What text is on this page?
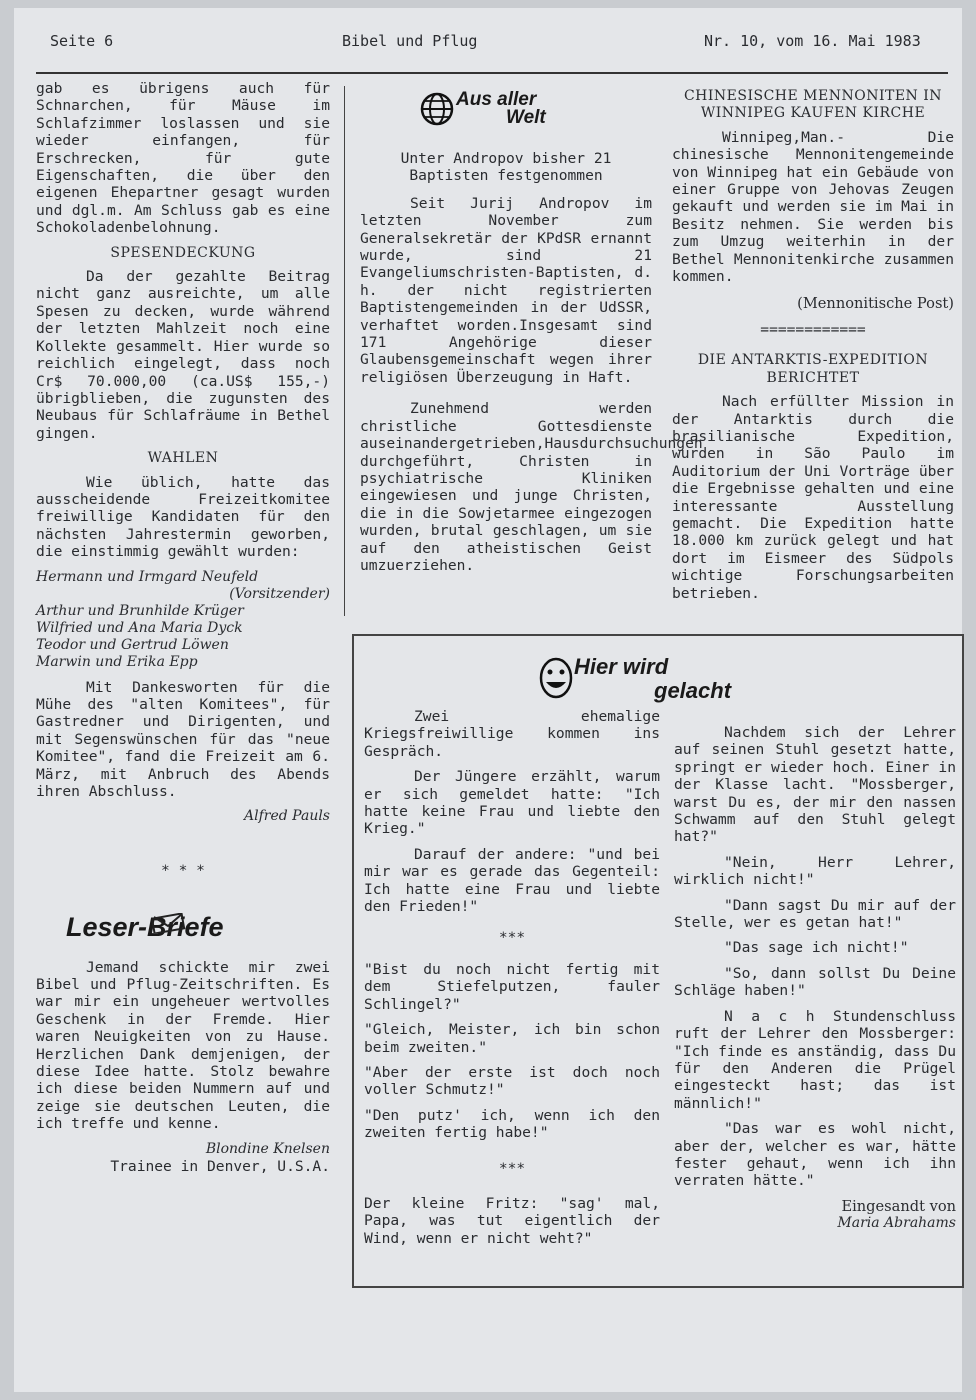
Seite 6	Bibel und Pflug	Nr. 10, vom 16. Mai 1983

gab es übrigens auch für Schnarchen, für Mäuse im Schlafzimmer loslassen und sie wieder einfangen, für Erschrecken, für gute Eigenschaften, die über den eigenen Ehepartner gesagt wurden und dgl.m. Am Schluss gab es eine Schokoladenbelohnung.

SPESENDECKUNG

Da der gezahlte Beitrag nicht ganz ausreichte, um alle Spesen zu decken, wurde während der letzten Mahlzeit noch eine Kollekte gesammelt. Hier wurde so reichlich eingelegt, dass noch Cr$ 70.000,00 (ca.US$ 155,-) übrigblieben, die zugunsten des Neubaus für Schlafräume in Bethel gingen.

WAHLEN

Wie üblich, hatte das ausscheidende Freizeitkomitee freiwillige Kandidaten für den nächsten Jahrestermin geworben, die einstimmig gewählt wurden:

Hermann und Irmgard Neufeld

(Vorsitzender)

Arthur und Brunhilde Krüger

Wilfried und Ana Maria Dyck

Teodor und Gertrud Löwen

Marwin und Erika Epp

Mit Dankesworten für die Mühe des "alten Komitees", für Gastredner und Dirigenten, und mit Segenswünschen für das "neue Komitee", fand die Freizeit am 6. März, mit Anbruch des Abends ihren Abschluss.

Alfred Pauls

* * *

Leser-Briefe

Jemand schickte mir zwei Bibel und Pflug-Zeitschriften. Es war mir ein ungeheuer wertvolles Geschenk in der Fremde. Hier waren Neuigkeiten von zu Hause. Herzlichen Dank demjenigen, der diese Idee hatte. Stolz bewahre ich diese beiden Nummern auf und zeige sie deutschen Leuten, die ich treffe und kenne.

Blondine Knelsen

Trainee in Denver, U.S.A.

Aus aller
Welt

Unter Andropov bisher 21 Baptisten festgenommen

Seit Jurij Andropov im letzten November zum Generalsekretär der KPdSR ernannt wurde, sind 21 Evangeliumschristen-Baptisten, d. h. der nicht registrierten Baptistengemeinden in der UdSSR, verhaftet worden.Insgesamt sind 171 Angehörige dieser Glaubensgemeinschaft wegen ihrer religiösen Überzeugung in Haft.

Zunehmend werden christliche Gottesdienste auseinandergetrieben,Hausdurchsuchungen durchgeführt, Christen in psychiatrische Kliniken eingewiesen und junge Christen, die in die Sowjetarmee eingezogen wurden, brutal geschlagen, um sie auf den atheistischen Geist umzuerziehen.

CHINESISCHE MENNONITEN IN WINNIPEG KAUFEN KIRCHE

Winnipeg,Man.- Die chinesische Mennonitengemeinde von Winnipeg hat ein Gebäude von einer Gruppe von Jehovas Zeugen gekauft und werden sie im Mai in Besitz nehmen. Sie werden bis zum Umzug weiterhin in der Bethel Mennonitenkirche zusammen kommen.

(Mennonitische Post)

============

DIE ANTARKTIS-EXPEDITION BERICHTET

Nach erfüllter Mission in der Antarktis durch die brasilianische Expedition, wurden in São Paulo im Auditorium der Uni Vorträge über die Ergebnisse gehalten und eine interessante Ausstellung gemacht. Die Expedition hatte 18.000 km zurück gelegt und hat dort im Eismeer des Südpols wichtige Forschungsarbeiten betrieben.

Hier wird
gelacht

Zwei ehemalige Kriegsfreiwillige kommen ins Gespräch.

Der Jüngere erzählt, warum er sich gemeldet hatte: "Ich hatte keine Frau und liebte den Krieg."

Darauf der andere: "und bei mir war es gerade das Gegenteil: Ich hatte eine Frau und liebte den Frieden!"

***

"Bist du noch nicht fertig mit dem Stiefelputzen, fauler Schlingel?"

"Gleich, Meister, ich bin schon beim zweiten."

"Aber der erste ist doch noch voller Schmutz!"

"Den putz' ich, wenn ich den zweiten fertig habe!"

***

Der kleine Fritz: "sag' mal, Papa, was tut eigentlich der Wind, wenn er nicht weht?"

Nachdem sich der Lehrer auf seinen Stuhl gesetzt hatte, springt er wieder hoch. Einer in der Klasse lacht. "Mossberger, warst Du es, der mir den nassen Schwamm auf den Stuhl gelegt hat?"

"Nein, Herr Lehrer, wirklich nicht!"

"Dann sagst Du mir auf der Stelle, wer es getan hat!"

"Das sage ich nicht!"

"So, dann sollst Du Deine Schläge haben!"

N a c h Stundenschluss ruft der Lehrer den Mossberger: "Ich finde es anständig, dass Du für den Anderen die Prügel eingesteckt hast; das ist männlich!"

"Das war es wohl nicht, aber der, welcher es war, hätte fester gehaut, wenn ich ihn verraten hätte."

Eingesandt von

Maria Abrahams
